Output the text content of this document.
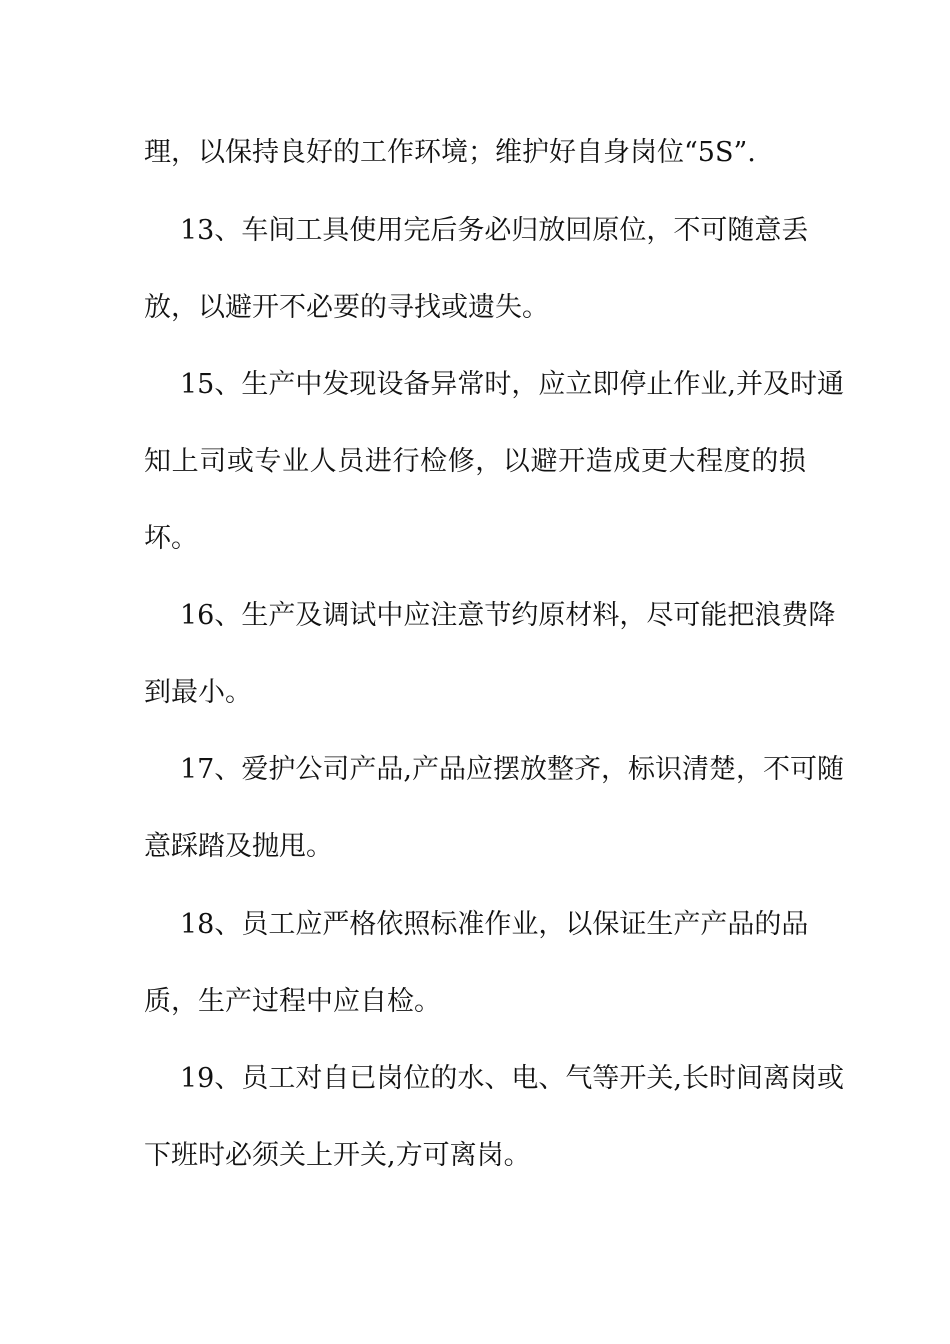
理，以保持良好的工作环境；维护好自身岗位“5S”.
13、车间工具使用完后务必归放回原位，不可随意丢
放，以避开不必要的寻找或遗失。
15、生产中发现设备异常时，应立即停止作业,并及时通
知上司或专业人员进行检修，以避开造成更大程度的损
坏。
16、生产及调试中应注意节约原材料，尽可能把浪费降
到最小。
17、爱护公司产品,产品应摆放整齐，标识清楚，不可随
意踩踏及抛甩。
18、员工应严格依照标准作业，以保证生产产品的品
质，生产过程中应自检。
19、员工对自已岗位的水、电、气等开关,长时间离岗或
下班时必须关上开关,方可离岗。
